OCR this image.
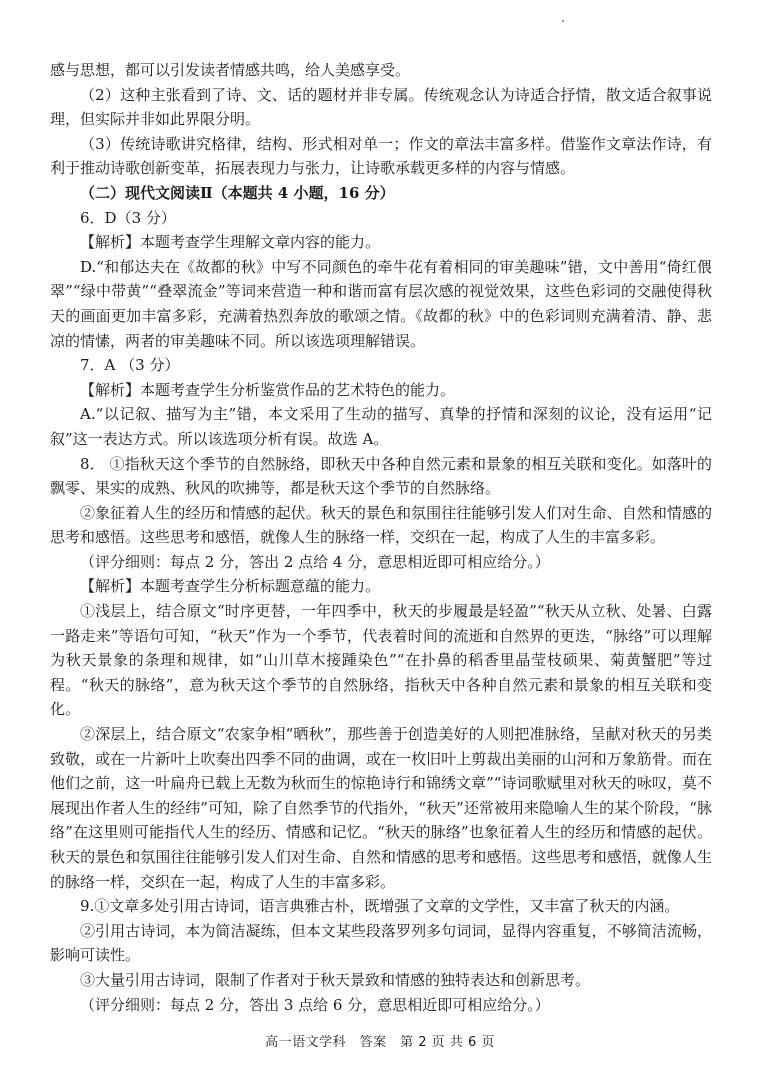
感与思想，都可以引发读者情感共鸣，给人美感享受。

（2）这种主张看到了诗、文、话的题材并非专属。传统观念认为诗适合抒情，散文适合叙事说理，但实际并非如此界限分明。

（3）传统诗歌讲究格律，结构、形式相对单一；作文的章法丰富多样。借鉴作文章法作诗，有利于推动诗歌创新变革，拓展表现力与张力，让诗歌承载更多样的内容与情感。

（二）现代文阅读Ⅱ（本题共 4 小题，16 分）

6．D（3 分）

【解析】本题考查学生理解文章内容的能力。

D.“和郁达夫在《故都的秋》中写不同颜色的牵牛花有着相同的审美趣味”错，文中善用“倚红偎翠”“绿中带黄”“叠翠流金”等词来营造一种和谐而富有层次感的视觉效果，这些色彩词的交融使得秋天的画面更加丰富多彩，充满着热烈奔放的歌颂之情。《故都的秋》中的色彩词则充满着清、静、悲凉的情愫，两者的审美趣味不同。所以该选项理解错误。

7．A （3 分）

【解析】本题考查学生分析鉴赏作品的艺术特色的能力。

A.“以记叙、描写为主”错，本文采用了生动的描写、真挚的抒情和深刻的议论，没有运用“记叙”这一表达方式。所以该选项分析有误。故选 A。

8． ①指秋天这个季节的自然脉络，即秋天中各种自然元素和景象的相互关联和变化。如落叶的飘零、果实的成熟、秋风的吹拂等，都是秋天这个季节的自然脉络。

②象征着人生的经历和情感的起伏。秋天的景色和氛围往往能够引发人们对生命、自然和情感的思考和感悟。这些思考和感悟，就像人生的脉络一样，交织在一起，构成了人生的丰富多彩。

（评分细则：每点 2 分，答出 2 点给 4 分，意思相近即可相应给分。）

【解析】本题考查学生分析标题意蕴的能力。

①浅层上，结合原文“时序更替，一年四季中，秋天的步履最是轻盈”“秋天从立秋、处暑、白露一路走来”等语句可知，“秋天”作为一个季节，代表着时间的流逝和自然界的更迭，“脉络”可以理解为秋天景象的条理和规律，如“山川草木接踵染色”“在扑鼻的稻香里晶莹枝硕果、菊黄蟹肥”等过程。“秋天的脉络”，意为秋天这个季节的自然脉络，指秋天中各种自然元素和景象的相互关联和变化。

②深层上，结合原文“农家争相“晒秋”，那些善于创造美好的人则把准脉络，呈献对秋天的另类致敬，或在一片新叶上吹奏出四季不同的曲调，或在一枚旧叶上剪裁出美丽的山河和万象筋骨。而在他们之前，这一叶扁舟已载上无数为秋而生的惊艳诗行和锦绣文章”“诗词歌赋里对秋天的咏叹，莫不展现出作者人生的经纬”可知，除了自然季节的代指外，“秋天”还常被用来隐喻人生的某个阶段，“脉络”在这里则可能指代人生的经历、情感和记忆。“秋天的脉络”也象征着人生的经历和情感的起伏。秋天的景色和氛围往往能够引发人们对生命、自然和情感的思考和感悟。这些思考和感悟，就像人生的脉络一样，交织在一起，构成了人生的丰富多彩。

9.①文章多处引用古诗词，语言典雅古朴，既增强了文章的文学性，又丰富了秋天的内涵。

②引用古诗词，本为简洁凝练，但本文某些段落罗列多句词词，显得内容重复，不够简洁流畅，影响可读性。

③大量引用古诗词，限制了作者对于秋天景致和情感的独特表达和创新思考。

（评分细则：每点 2 分，答出 3 点给 6 分，意思相近即可相应给分。）

高一语文学科　答案　第 2 页 共 6 页
